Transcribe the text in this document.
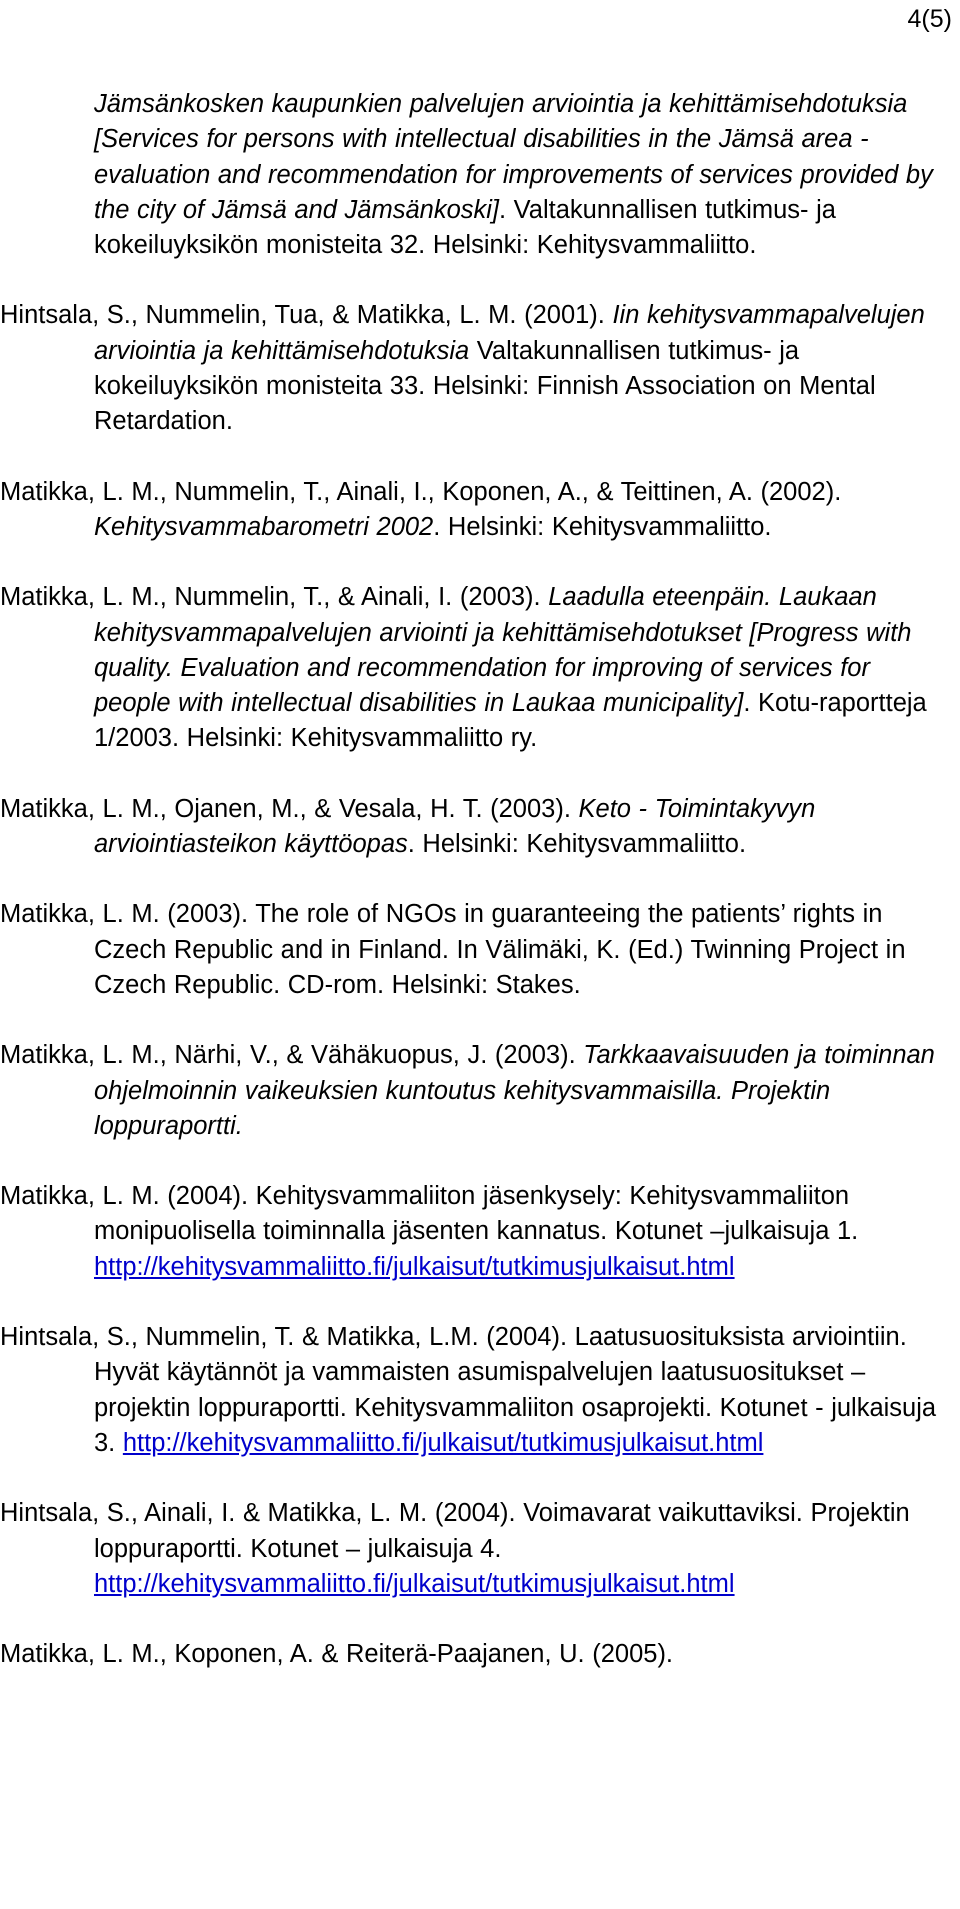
4(5)

Jämsänkosken kaupunkien palvelujen arviointia ja kehittämisehdotuksia [Services for persons with intellectual disabilities in the Jämsä area - evaluation and recommendation for improvements of services provided by the city of Jämsä and Jämsänkoski]. Valtakunnallisen tutkimus- ja kokeiluyksikön monisteita 32. Helsinki: Kehitysvammaliitto.

Hintsala, S., Nummelin, Tua, & Matikka, L. M. (2001). Iin kehitysvammapalvelujen arviointia ja kehittämisehdotuksia Valtakunnallisen tutkimus- ja kokeiluyksikön monisteita 33. Helsinki: Finnish Association on Mental Retardation.

Matikka, L. M., Nummelin, T., Ainali, I., Koponen, A., & Teittinen, A. (2002). Kehitysvammabarometri 2002. Helsinki: Kehitysvammaliitto.

Matikka, L. M., Nummelin, T., & Ainali, I. (2003). Laadulla eteenpäin. Laukaan kehitysvammapalvelujen arviointi ja kehittämisehdotukset [Progress with quality. Evaluation and recommendation for improving of services for people with intellectual disabilities in Laukaa municipality]. Kotu-raportteja 1/2003. Helsinki: Kehitysvammaliitto ry.

Matikka, L. M., Ojanen, M., & Vesala, H. T. (2003). Keto - Toimintakyvyn arviointiasteikon käyttöopas. Helsinki: Kehitysvammaliitto.

Matikka, L. M. (2003). The role of NGOs in guaranteeing the patients’ rights in Czech Republic and in Finland. In Välimäki, K. (Ed.) Twinning Project in Czech Republic. CD-rom. Helsinki: Stakes.

Matikka, L. M., Närhi, V., & Vähäkuopus, J. (2003). Tarkkaavaisuuden ja toiminnan ohjelmoinnin vaikeuksien kuntoutus kehitysvammaisilla. Projektin loppuraportti.

Matikka, L. M. (2004). Kehitysvammaliiton jäsenkysely: Kehitysvammaliiton monipuolisella toiminnalla jäsenten kannatus. Kotunet –julkaisuja 1. http://kehitysvammaliitto.fi/julkaisut/tutkimusjulkaisut.html

Hintsala, S., Nummelin, T. & Matikka, L.M. (2004). Laatusuosituksista arviointiin. Hyvät käytännöt ja vammaisten asumispalvelujen laatusuositukset –projektin loppuraportti. Kehitysvammaliiton osaprojekti. Kotunet - julkaisuja 3. http://kehitysvammaliitto.fi/julkaisut/tutkimusjulkaisut.html

Hintsala, S., Ainali, I. & Matikka, L. M. (2004). Voimavarat vaikuttaviksi. Projektin loppuraportti. Kotunet – julkaisuja 4. http://kehitysvammaliitto.fi/julkaisut/tutkimusjulkaisut.html

Matikka, L. M., Koponen, A. & Reiterä-Paajanen, U. (2005).
